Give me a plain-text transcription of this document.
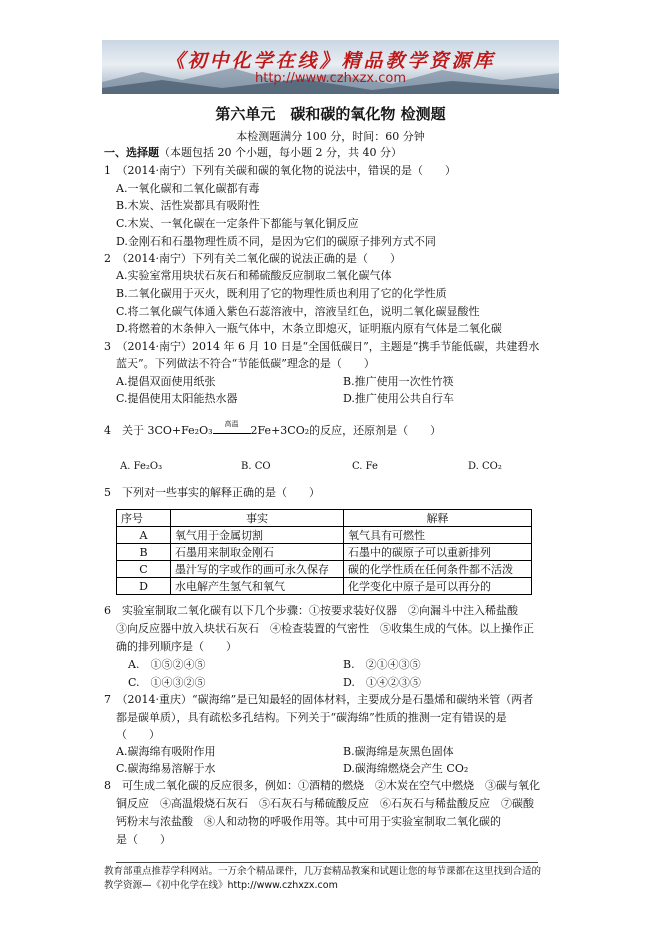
《初中化学在线》精品教学资源库
http://www.czhxzx.com
第六单元　碳和碳的氧化物 检测题
本检测题满分 100 分，时间：60 分钟
一、选择题（本题包括 20 个小题，每小题 2 分，共 40 分）
1　（2014·南宁）下列有关碳和碳的氧化物的说法中，错误的是（　　）
A.一氧化碳和二氧化碳都有毒
B.木炭、活性炭都具有吸附性
C.木炭、一氧化碳在一定条件下都能与氧化铜反应
D.金刚石和石墨物理性质不同，是因为它们的碳原子排列方式不同
2　（2014·南宁）下列有关二氧化碳的说法正确的是（　　）
A.实验室常用块状石灰石和稀硫酸反应制取二氧化碳气体
B.二氧化碳用于灭火，既利用了它的物理性质也利用了它的化学性质
C.将二氧化碳气体通入紫色石蕊溶液中，溶液呈红色，说明二氧化碳显酸性
D.将燃着的木条伸入一瓶气体中，木条立即熄灭，证明瓶内原有气体是二氧化碳
3　（2014·南宁）2014 年 6 月 10 日是“全国低碳日”，主题是“携手节能低碳，共建碧水
蓝天”。下列做法不符合“节能低碳”理念的是（　　）
A.提倡双面使用纸张	B.推广使用一次性竹筷
C.提倡使用太阳能热水器	D.推广使用公共自行车
4　关于 3CO+Fe₂O₃	高温	2Fe+3CO₂的反应，还原剂是（　　）
A. Fe₂O₃	B. CO	C. Fe	D. CO₂
5　下列对一些事实的解释正确的是（　　）
序号	事实	解释
A	氧气用于金属切割	氧气具有可燃性
B	石墨用来制取金刚石	石墨中的碳原子可以重新排列
C	墨汁写的字或作的画可永久保存	碳的化学性质在任何条件都不活泼
D	水电解产生氢气和氧气	化学变化中原子是可以再分的
6　实验室制取二氧化碳有以下几个步骤：①按要求装好仪器　②向漏斗中注入稀盐酸
③向反应器中放入块状石灰石　④检查装置的气密性　⑤收集生成的气体。以上操作正
确的排列顺序是（　　）
A.　①⑤②④⑤	B.　②①④③⑤
C.　①④③②⑤	D.　①④②③⑤
7　（2014·重庆）“碳海绵”是已知最轻的固体材料，主要成分是石墨烯和碳纳米管（两者
都是碳单质），具有疏松多孔结构。下列关于“碳海绵”性质的推测一定有错误的是
（　　）
A.碳海绵有吸附作用	B.碳海绵是灰黑色固体
C.碳海绵易溶解于水	D.碳海绵燃烧会产生 CO₂
8　可生成二氧化碳的反应很多，例如：①酒精的燃烧　②木炭在空气中燃烧　③碳与氧化
铜反应　④高温煅烧石灰石　⑤石灰石与稀硫酸反应　⑥石灰石与稀盐酸反应　⑦碳酸
钙粉末与浓盐酸　⑧人和动物的呼吸作用等。其中可用于实验室制取二氧化碳的
是（　　）
教育部重点推荐学科网站。一万余个精品课件，几万套精品教案和试题让您的每节课都在这里找到合适的
教学资源—《初中化学在线》http://www.czhxzx.com
